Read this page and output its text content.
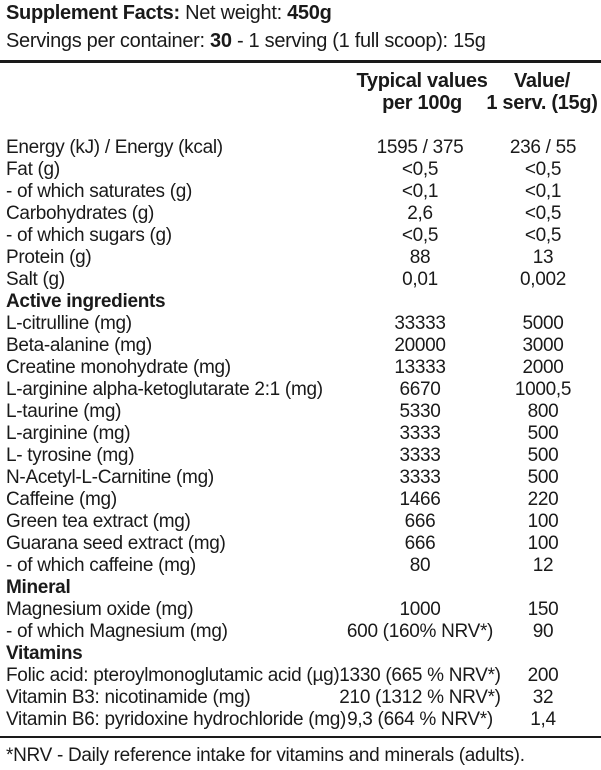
Supplement Facts: Net weight: 450g
Servings per container: 30 - 1 serving (1 full scoop): 15g
Typical values
per 100g
Value/
1 serv. (15g)
Energy (kJ) / Energy (kcal)	1595 / 375	236 / 55
Fat (g)	<0,5	<0,5
- of which saturates (g)	<0,1	<0,1
Carbohydrates (g)	2,6	<0,5
- of which sugars (g)	<0,5	<0,5
Protein (g)	88	13
Salt (g)	0,01	0,002
Active ingredients
L-citrulline (mg)	33333	5000
Beta-alanine (mg)	20000	3000
Creatine monohydrate (mg)	13333	2000
L-arginine alpha-ketoglutarate 2:1 (mg)	6670	1000,5
L-taurine (mg)	5330	800
L-arginine (mg)	3333	500
L- tyrosine (mg)	3333	500
N-Acetyl-L-Carnitine (mg)	3333	500
Caffeine (mg)	1466	220
Green tea extract (mg)	666	100
Guarana seed extract (mg)	666	100
- of which caffeine (mg)	80	12
Mineral
Magnesium oxide (mg)	1000	150
- of which Magnesium (mg)	600 (160% NRV*)	90
Vitamins
Folic acid: pteroylmonoglutamic acid (µg) 1330 (665 % NRV*)	200
Vitamin B3: nicotinamide (mg)	210 (1312 % NRV*)	32
Vitamin B6: pyridoxine hydrochloride (mg) 9,3 (664 % NRV*)	1,4
*NRV - Daily reference intake for vitamins and minerals (adults).
